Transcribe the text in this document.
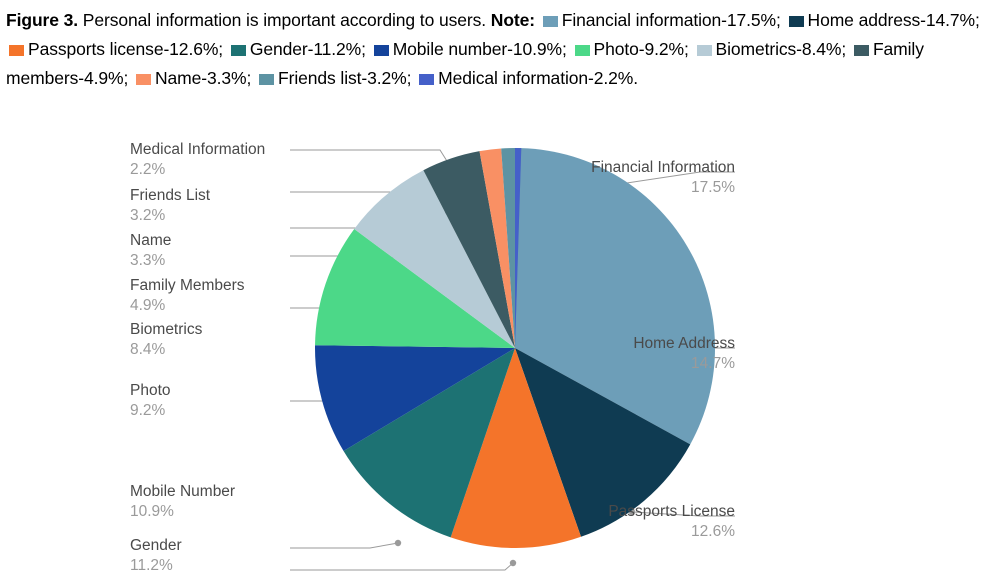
Figure 3. Personal information is important according to users. Note: Financial information-17.5%; Home address-14.7%; Passports license-12.6%; Gender-11.2%; Mobile number-10.9%; Photo-9.2%; Biometrics-8.4%; Family members-4.9%; Name-3.3%; Friends list-3.2%; Medical information-2.2%.
Financial Information
17.5%
Home Address
14.7%
Passports License
12.6%
Gender
11.2%
Mobile Number
10.9%
Photo
9.2%
Biometrics
8.4%
Family Members
4.9%
Name
3.3%
Friends List
3.2%
Medical Information
2.2%
